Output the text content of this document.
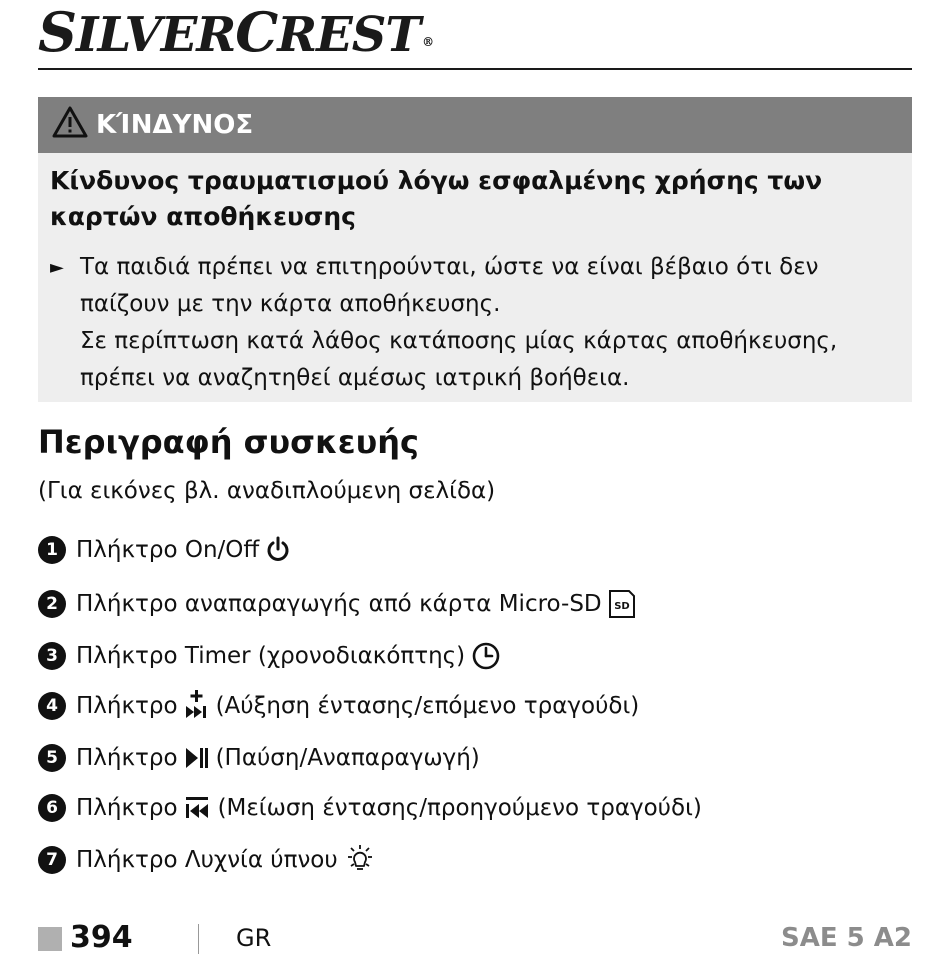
SILVERCREST ®
ΚΊΝΔΥΝΟΣ
Κίνδυνος τραυματισμού λόγω εσφαλμένης χρήσης των καρτών αποθήκευσης
► Τα παιδιά πρέπει να επιτηρούνται, ώστε να είναι βέβαιο ότι δεν
παίζουν με την κάρτα αποθήκευσης.
Σε περίπτωση κατά λάθος κατάποσης μίας κάρτας αποθήκευσης,
πρέπει να αναζητηθεί αμέσως ιατρική βοήθεια.
Περιγραφή συσκευής
(Για εικόνες βλ. αναδιπλούμενη σελίδα)
1 Πλήκτρο On/Off
2 Πλήκτρο αναπαραγωγής από κάρτα Micro-SD SD
3 Πλήκτρο Timer (χρονοδιακόπτης)
4 Πλήκτρο (Αύξηση έντασης/επόμενο τραγούδι)
5 Πλήκτρο (Παύση/Αναπαραγωγή)
6 Πλήκτρο (Μείωση έντασης/προηγούμενο τραγούδι)
7 Πλήκτρο Λυχνία ύπνου
394	GR	SAE 5 A2
